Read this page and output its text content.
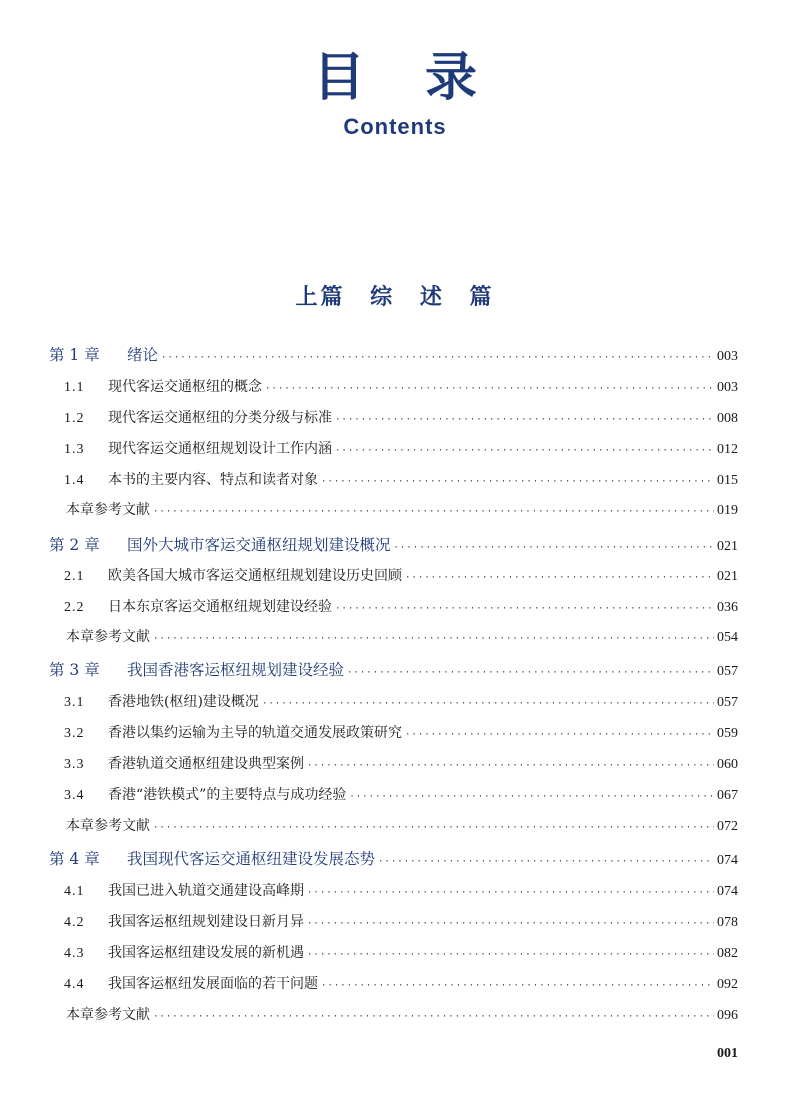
目录
Contents
上篇 综 述 篇
第 1 章	绪论 ·····	003
1.1	现代客运交通枢纽的概念 ·····	003
1.2	现代客运交通枢纽的分类分级与标准 ·····	008
1.3	现代客运交通枢纽规划设计工作内涵 ·····	012
1.4	本书的主要内容、特点和读者对象 ·····	015
本章参考文献 ·····	019
第 2 章	国外大城市客运交通枢纽规划建设概况 ·····	021
2.1	欧美各国大城市客运交通枢纽规划建设历史回顾 ·····	021
2.2	日本东京客运交通枢纽规划建设经验 ·····	036
本章参考文献 ·····	054
第 3 章	我国香港客运枢纽规划建设经验 ·····	057
3.1	香港地铁(枢纽)建设概况 ·····	057
3.2	香港以集约运输为主导的轨道交通发展政策研究 ·····	059
3.3	香港轨道交通枢纽建设典型案例 ·····	060
3.4	香港“港铁模式”的主要特点与成功经验 ·····	067
本章参考文献 ·····	072
第 4 章	我国现代客运交通枢纽建设发展态势 ·····	074
4.1	我国已进入轨道交通建设高峰期 ·····	074
4.2	我国客运枢纽规划建设日新月异 ·····	078
4.3	我国客运枢纽建设发展的新机遇 ·····	082
4.4	我国客运枢纽发展面临的若干问题 ·····	092
本章参考文献 ·····	096
001
